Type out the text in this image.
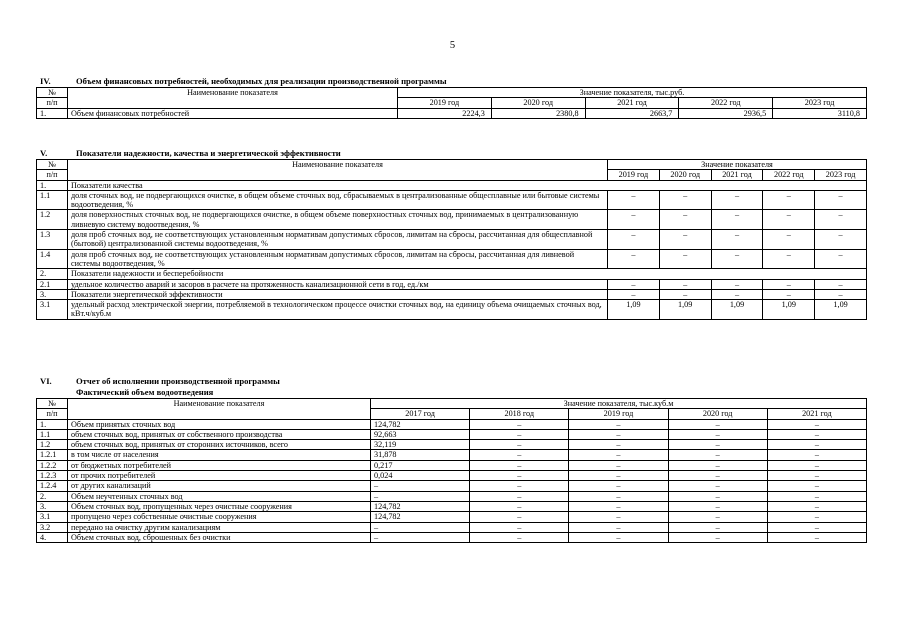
5
IV.	Объем финансовых потребностей, необходимых для реализации производственной программы
№	Наименование показателя	Значение показателя, тыс.руб.				
п/п		2019 год	2020 год	2021 год	2022 год	2023 год
1.	Объем финансовых потребностей	2224,3	2380,8	2663,7	2936,5	3110,8
V.	Показатели надежности, качества и энергетической эффективности
№	Наименование показателя	Значение показателя				
п/п		2019 год	2020 год	2021 год	2022 год	2023 год
1.	Показатели качества					
1.1	доля сточных вод, не подвергающихся очистке, в общем объеме сточных вод, сбрасываемых в централизованные общесплавные или бытовые системы водоотведения, %	–	–	–	–	–
1.2	доля поверхностных сточных вод, не подвергающихся очистке, в общем объеме поверхностных сточных вод, принимаемых в централизованную ливневую систему водоотведения, %	–	–	–	–	–
1.3	доля проб сточных вод, не соответствующих установленным нормативам допустимых сбросов, лимитам на сбросы, рассчитанная для общесплавной (бытовой) централизованной системы водоотведения, %	–	–	–	–	–
1.4	доля проб сточных вод, не соответствующих установленным нормативам допустимых сбросов, лимитам на сбросы, рассчитанная для ливневой системы водоотведения, %	–	–	–	–	–
2.	Показатели надежности и бесперебойности					
2.1	удельное количество аварий и засоров в расчете на протяженность канализационной сети в год, ед./км	–	–	–	–	–
3.	Показатели энергетической эффективности	–	–	–	–	–
3.1	удельный расход электрической энергии, потребляемой в технологическом процессе очистки сточных вод, на единицу объема очищаемых сточных вод, кВт.ч/куб.м	1,09	1,09	1,09	1,09	1,09
VI.	Отчет об исполнении производственной программы
Фактический объем водоотведения
№	Наименование показателя	Значение показателя, тыс.куб.м				
п/п		2017 год	2018 год	2019 год	2020 год	2021 год
1.	Объем принятых сточных вод	124,782	–	–	–	–
1.1	объем сточных вод, принятых от собственного производства	92,663	–	–	–	–
1.2	объем сточных вод, принятых от сторонних источников, всего	32,119	–	–	–	–
1.2.1	в том числе от населения	31,878	–	–	–	–
1.2.2	от бюджетных потребителей	0,217	–	–	–	–
1.2.3	от прочих потребителей	0,024	–	–	–	–
1.2.4	от других канализаций	–	–	–	–	–
2.	Объем неучтенных сточных вод	–	–	–	–	–
3.	Объем сточных вод, пропущенных через очистные сооружения	124,782	–	–	–	–
3.1	пропущено через собственные очистные сооружения	124,782	–	–	–	–
3.2	передано на очистку другим канализациям	–	–	–	–	–
4.	Объем сточных вод, сброшенных без очистки	–	–	–	–	–
